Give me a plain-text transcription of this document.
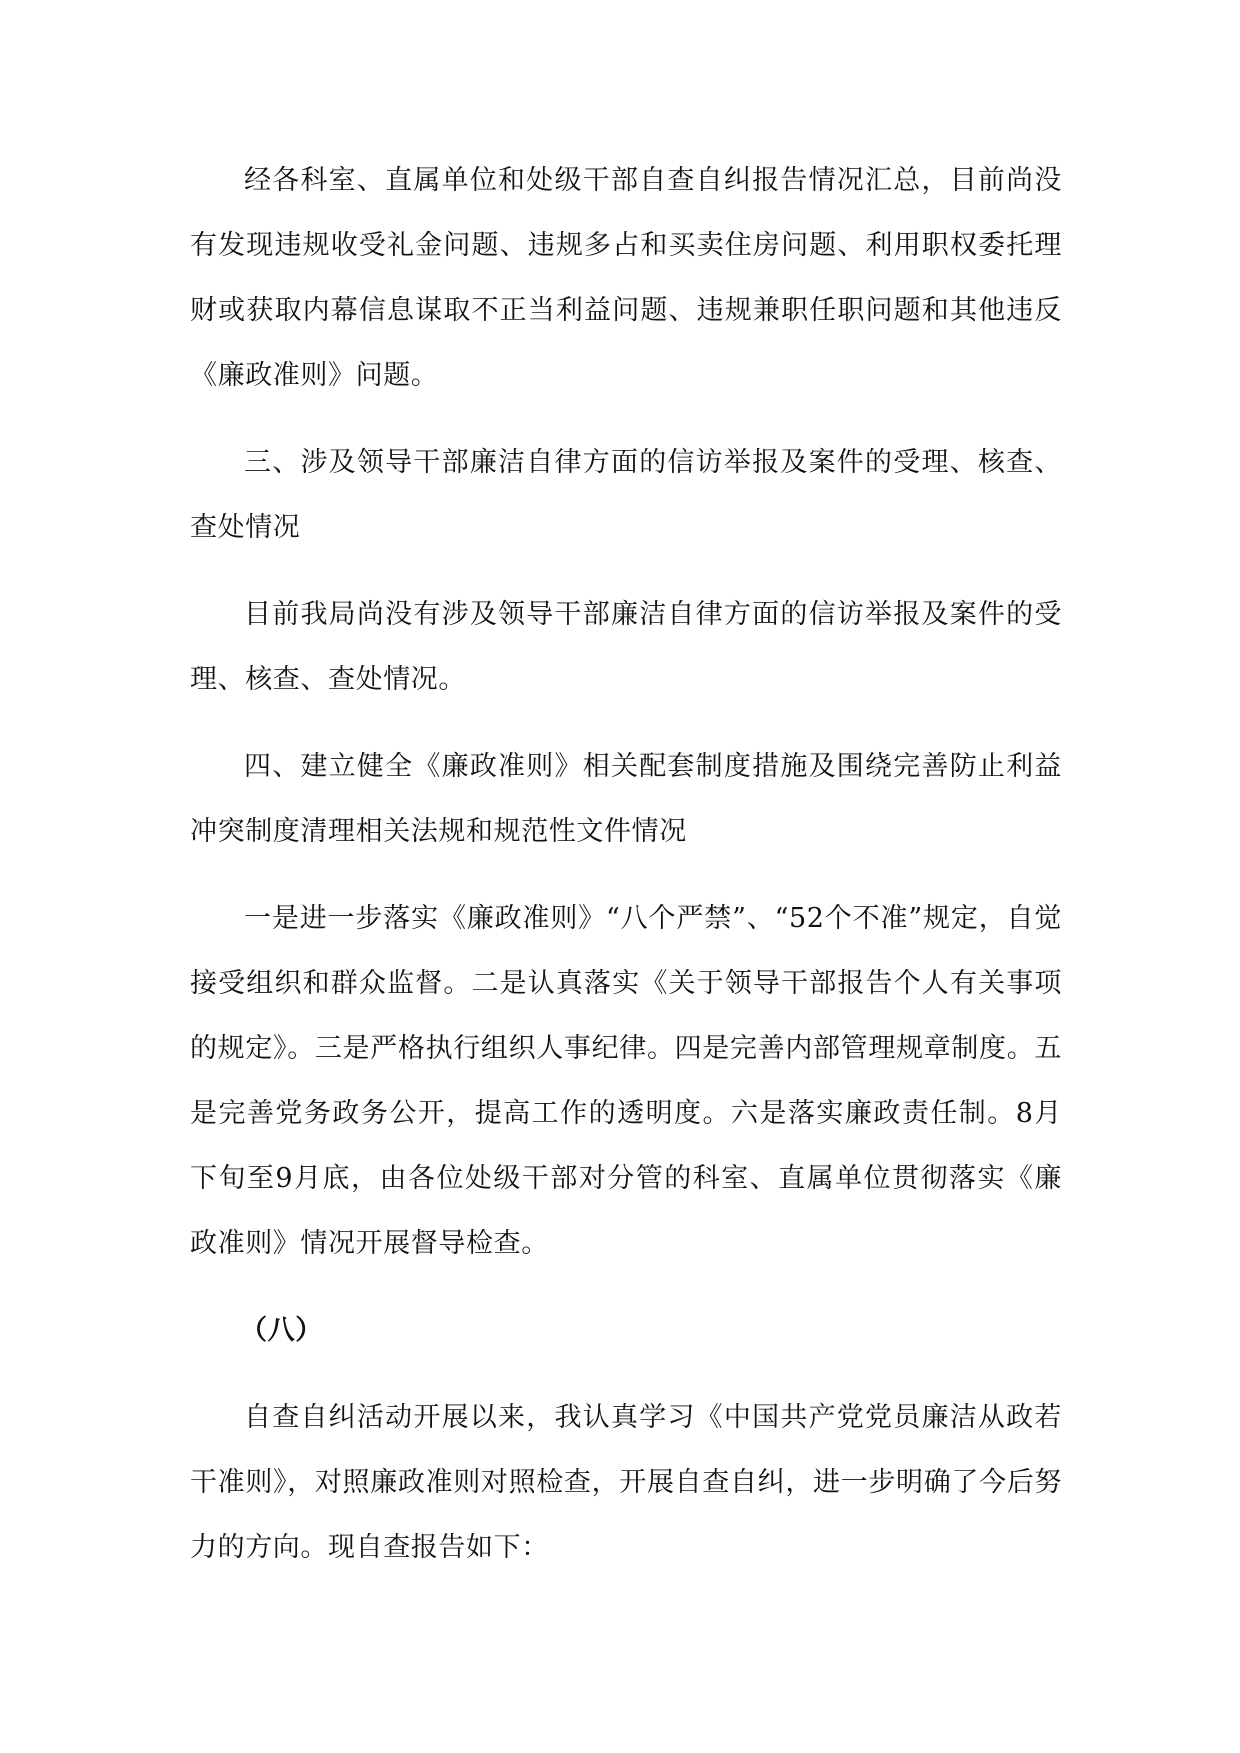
经各科室、直属单位和处级干部自查自纠报告情况汇总，目前尚没有发现违规收受礼金问题、违规多占和买卖住房问题、利用职权委托理财或获取内幕信息谋取不正当利益问题、违规兼职任职问题和其他违反《廉政准则》问题。

三、涉及领导干部廉洁自律方面的信访举报及案件的受理、核查、查处情况

目前我局尚没有涉及领导干部廉洁自律方面的信访举报及案件的受理、核查、查处情况。

四、建立健全《廉政准则》相关配套制度措施及围绕完善防止利益冲突制度清理相关法规和规范性文件情况

一是进一步落实《廉政准则》“八个严禁”、“52个不准”规定，自觉接受组织和群众监督。二是认真落实《关于领导干部报告个人有关事项的规定》。三是严格执行组织人事纪律。四是完善内部管理规章制度。五是完善党务政务公开，提高工作的透明度。六是落实廉政责任制。8月下旬至9月底，由各位处级干部对分管的科室、直属单位贯彻落实《廉政准则》情况开展督导检查。

（八）

自查自纠活动开展以来，我认真学习《中国共产党党员廉洁从政若干准则》，对照廉政准则对照检查，开展自查自纠，进一步明确了今后努力的方向。现自查报告如下：
